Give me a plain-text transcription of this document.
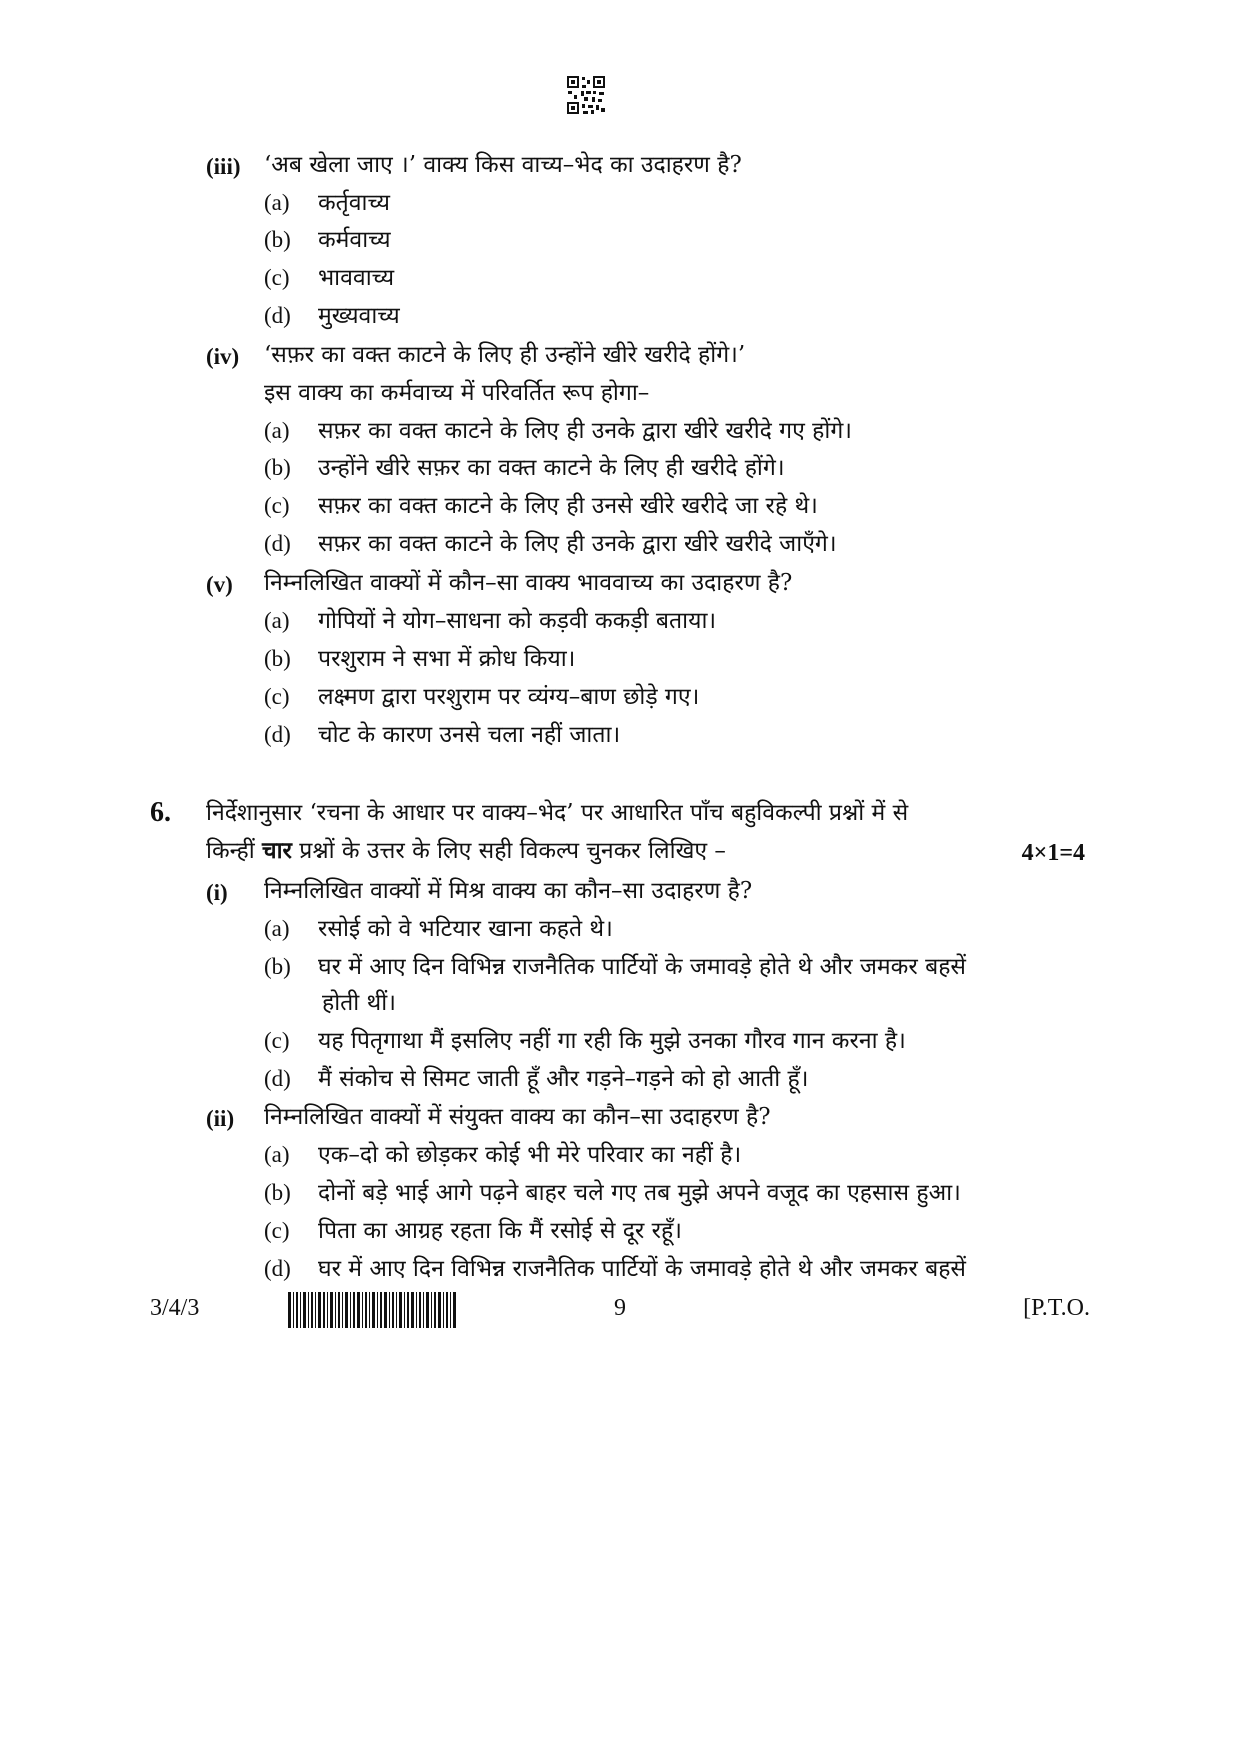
(iii) ‘अब खेला जाए ।’ वाक्य किस वाच्य–भेद का उदाहरण है?
(a) कर्तृवाच्य
(b) कर्मवाच्य
(c) भाववाच्य
(d) मुख्यवाच्य
(iv) ‘सफ़र का वक्त काटने के लिए ही उन्होंने खीरे खरीदे होंगे।’
इस वाक्य का कर्मवाच्य में परिवर्तित रूप होगा–
(a) सफ़र का वक्त काटने के लिए ही उनके द्वारा खीरे खरीदे गए होंगे।
(b) उन्होंने खीरे सफ़र का वक्त काटने के लिए ही खरीदे होंगे।
(c) सफ़र का वक्त काटने के लिए ही उनसे खीरे खरीदे जा रहे थे।
(d) सफ़र का वक्त काटने के लिए ही उनके द्वारा खीरे खरीदे जाएँगे।
(v) निम्नलिखित वाक्यों में कौन–सा वाक्य भाववाच्य का उदाहरण है?
(a) गोपियों ने योग–साधना को कड़वी ककड़ी बताया।
(b) परशुराम ने सभा में क्रोध किया।
(c) लक्ष्मण द्वारा परशुराम पर व्यंग्य–बाण छोड़े गए।
(d) चोट के कारण उनसे चला नहीं जाता।
6. निर्देशानुसार ‘रचना के आधार पर वाक्य–भेद’ पर आधारित पाँच बहुविकल्पी प्रश्नों में से
किन्हीं चार प्रश्नों के उत्तर के लिए सही विकल्प चुनकर लिखिए –	4×1=4
(i) निम्नलिखित वाक्यों में मिश्र वाक्य का कौन–सा उदाहरण है?
(a) रसोई को वे भटियार खाना कहते थे।
(b) घर में आए दिन विभिन्न राजनैतिक पार्टियों के जमावड़े होते थे और जमकर बहसें
होती थीं।
(c) यह पितृगाथा मैं इसलिए नहीं गा रही कि मुझे उनका गौरव गान करना है।
(d) मैं संकोच से सिमट जाती हूँ और गड़ने–गड़ने को हो आती हूँ।
(ii) निम्नलिखित वाक्यों में संयुक्त वाक्य का कौन–सा उदाहरण है?
(a) एक–दो को छोड़कर कोई भी मेरे परिवार का नहीं है।
(b) दोनों बड़े भाई आगे पढ़ने बाहर चले गए तब मुझे अपने वजूद का एहसास हुआ।
(c) पिता का आग्रह रहता कि मैं रसोई से दूर रहूँ।
(d) घर में आए दिन विभिन्न राजनैतिक पार्टियों के जमावड़े होते थे और जमकर बहसें
3/4/3	9	[P.T.O.
